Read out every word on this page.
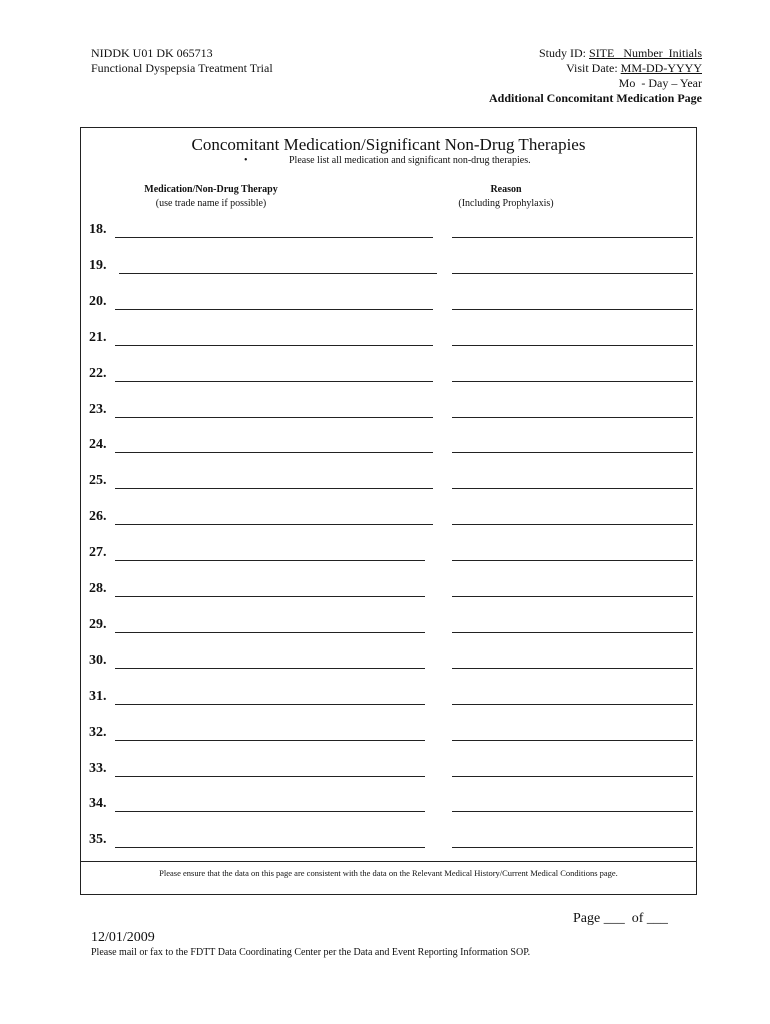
NIDDK U01 DK 065713
Functional Dyspepsia Treatment Trial
Study ID: SITE   Number  Initials
Visit Date: MM-DD-YYYY
Mo  - Day – Year
Additional Concomitant Medication Page
Concomitant Medication/Significant Non-Drug Therapies
•	Please list all medication and significant non-drug therapies.
Medication/Non-Drug Therapy
(use trade name if possible)
Reason
(Including Prophylaxis)
18.
19.
20.
21.
22.
23.
24.
25.
26.
27.
28.
29.
30.
31.
32.
33.
34.
35.
Please ensure that the data on this page are consistent with the data on the Relevant Medical History/Current Medical Conditions page.
Page ___  of ___
12/01/2009
Please mail or fax to the FDTT Data Coordinating Center per the Data and Event Reporting Information SOP.
